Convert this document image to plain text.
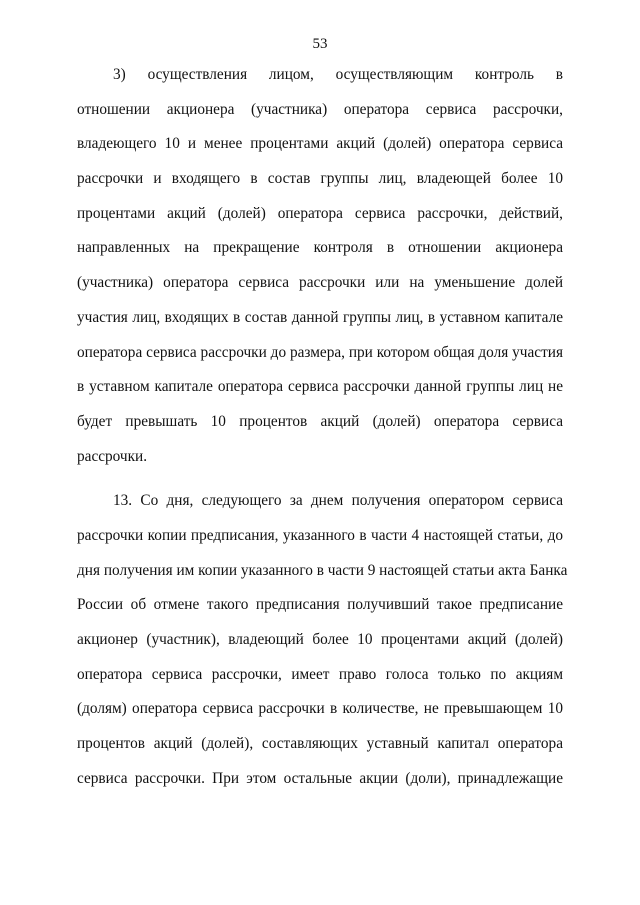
53
3) осуществления лицом, осуществляющим контроль в
отношении акционера (участника) оператора сервиса рассрочки,
владеющего 10 и менее процентами акций (долей) оператора сервиса
рассрочки и входящего в состав группы лиц, владеющей более 10
процентами акций (долей) оператора сервиса рассрочки, действий,
направленных на прекращение контроля в отношении акционера
(участника) оператора сервиса рассрочки или на уменьшение долей
участия лиц, входящих в состав данной группы лиц, в уставном капитале
оператора сервиса рассрочки до размера, при котором общая доля участия
в уставном капитале оператора сервиса рассрочки данной группы лиц не
будет превышать 10 процентов акций (долей) оператора сервиса
рассрочки.
13. Со дня, следующего за днем получения оператором сервиса
рассрочки копии предписания, указанного в части 4 настоящей статьи, до
дня получения им копии указанного в части 9 настоящей статьи акта Банка
России об отмене такого предписания получивший такое предписание
акционер (участник), владеющий более 10 процентами акций (долей)
оператора сервиса рассрочки, имеет право голоса только по акциям
(долям) оператора сервиса рассрочки в количестве, не превышающем 10
процентов акций (долей), составляющих уставный капитал оператора
сервиса рассрочки. При этом остальные акции (доли), принадлежащие
